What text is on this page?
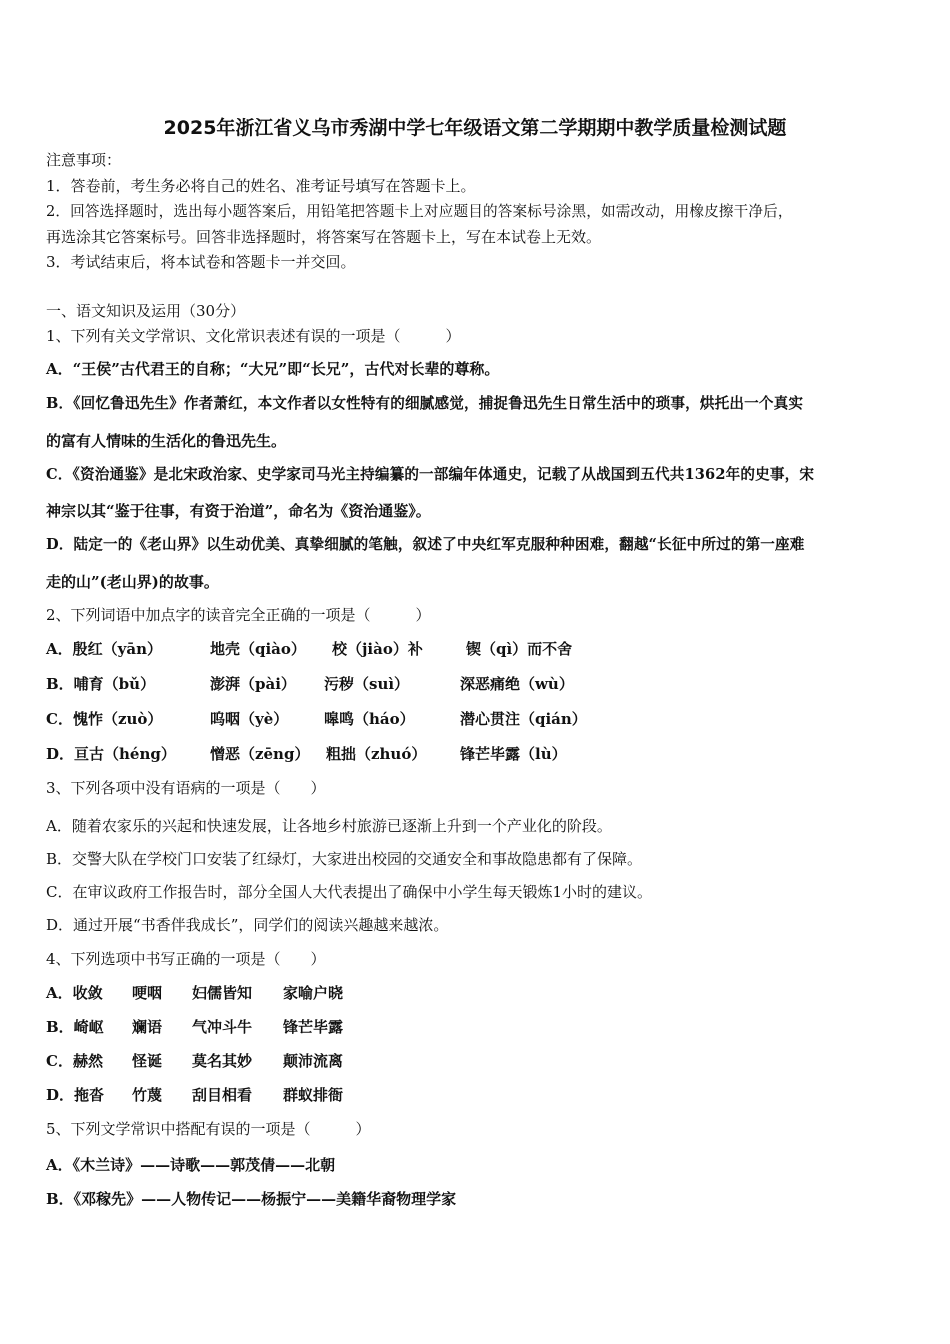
2025年浙江省义乌市秀湖中学七年级语文第二学期期中教学质量检测试题
注意事项：
1．答卷前，考生务必将自己的姓名、准考证号填写在答题卡上。
2．回答选择题时，选出每小题答案后，用铅笔把答题卡上对应题目的答案标号涂黑，如需改动，用橡皮擦干净后，
再选涂其它答案标号。回答非选择题时，将答案写在答题卡上，写在本试卷上无效。
3．考试结束后，将本试卷和答题卡一并交回。
一、语文知识及运用（30分）
1、下列有关文学常识、文化常识表述有误的一项是（　　　）
A．“王侯”古代君王的自称；“大兄”即“长兄”，古代对长辈的尊称。
B．《回忆鲁迅先生》作者萧红，本文作者以女性特有的细腻感觉，捕捉鲁迅先生日常生活中的琐事，烘托出一个真实
的富有人情味的生活化的鲁迅先生。
C．《资治通鉴》是北宋政治家、史学家司马光主持编纂的一部编年体通史，记载了从战国到五代共1362年的史事，宋
神宗以其“鉴于往事，有资于治道”，命名为《资治通鉴》。
D．陆定一的《老山界》以生动优美、真挚细腻的笔触，叙述了中央红军克服种种困难，翻越“长征中所过的第一座难
走的山”(老山界)的故事。
2、下列词语中加点字的读音完全正确的一项是（　　　）
A．殷红（yān）	地壳（qiào） 校（jiào）补	锲（qì）而不舍
B．哺育（bǔ）	澎湃（pài） 污秽（suì）	深恶痛绝（wù）
C．愧怍（zuò）	呜咽（yè） 嗥鸣（háo）	潜心贯注（qián）
D．亘古（héng） 憎恶（zēng） 粗拙（zhuó） 锋芒毕露（lù）
3、下列各项中没有语病的一项是（　　）
A．随着农家乐的兴起和快速发展，让各地乡村旅游已逐渐上升到一个产业化的阶段。
B．交警大队在学校门口安装了红绿灯，大家进出校园的交通安全和事故隐患都有了保障。
C．在审议政府工作报告时，部分全国人大代表提出了确保中小学生每天锻炼1小时的建议。
D．通过开展“书香伴我成长”，同学们的阅读兴趣越来越浓。
4、下列选项中书写正确的一项是（　　）
A．收敛 哽咽 妇儒皆知 家喻户晓
B．崎岖 斓语 气冲斗牛 锋芒毕露
C．赫然 怪诞 莫名其妙 颠沛流离
D．拖沓 竹蔑 刮目相看 群蚁排衙
5、下列文学常识中搭配有误的一项是（　　　）
A．《木兰诗》——诗歌——郭茂倩——北朝
B．《邓稼先》——人物传记——杨振宁——美籍华裔物理学家
